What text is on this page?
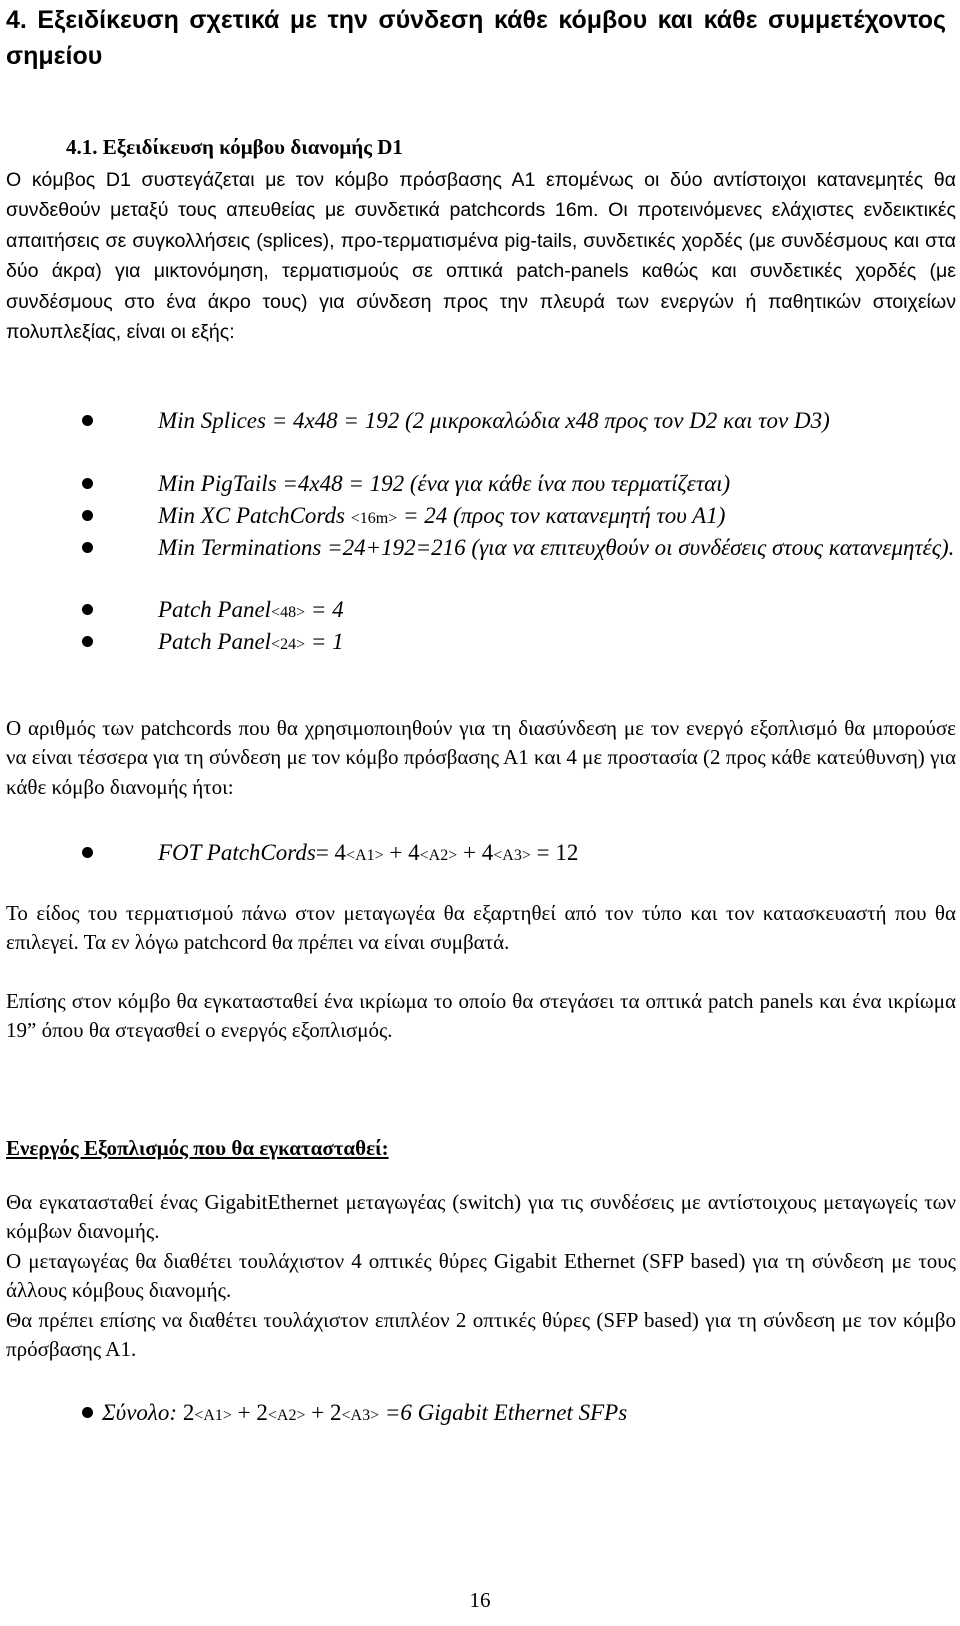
4. Εξειδίκευση σχετικά με την σύνδεση κάθε κόμβου και κάθε συμμετέχοντος σημείου
4.1. Εξειδίκευση κόμβου διανομής D1

Ο κόμβος D1 συστεγάζεται με τον κόμβο πρόσβασης Α1 επομένως οι δύο αντίστοιχοι κατανεμητές θα συνδεθούν μεταξύ τους απευθείας με συνδετικά patchcords 16m. Οι προτεινόμενες ελάχιστες ενδεικτικές απαιτήσεις σε συγκολλήσεις (splices), προ-τερματισμένα pig-tails, συνδετικές χορδές (με συνδέσμους και στα δύο άκρα) για μικτονόμηση, τερματισμούς σε οπτικά patch-panels καθώς και συνδετικές χορδές (με συνδέσμους στο ένα άκρο τους) για σύνδεση προς την πλευρά των ενεργών ή παθητικών στοιχείων πολυπλεξίας, είναι οι εξής:

Min Splices = 4x48 = 192 (2 μικροκαλώδια x48 προς τον D2 και τον D3)

Min PigTails =4x48 = 192 (ένα για κάθε ίνα που τερματίζεται)

Min XC PatchCords <16m> = 24 (προς τον κατανεμητή του Α1)

Min Terminations =24+192=216 (για να επιτευχθούν οι συνδέσεις στους κατανεμητές).

Patch Panel<48> = 4

Patch Panel<24> = 1

Ο αριθμός των patchcords που θα χρησιμοποιηθούν για τη διασύνδεση με τον ενεργό εξοπλισμό θα μπορούσε να είναι τέσσερα για τη σύνδεση με τον κόμβο πρόσβασης Α1 και 4 με προστασία (2 προς κάθε κατεύθυνση) για κάθε κόμβο διανομής ήτοι:

FOT PatchCords= 4<A1> + 4<A2> + 4<A3> = 12

Το είδος του τερματισμού πάνω στον μεταγωγέα θα εξαρτηθεί από τον τύπο και τον κατασκευαστή που θα επιλεγεί. Τα εν λόγω patchcord θα πρέπει να είναι συμβατά.

Επίσης στον κόμβο θα εγκατασταθεί ένα ικρίωμα το οποίο θα στεγάσει τα οπτικά patch panels και ένα ικρίωμα 19” όπου θα στεγασθεί ο ενεργός εξοπλισμός.

Ενεργός Εξοπλισμός που θα εγκατασταθεί:

Θα εγκατασταθεί ένας GigabitEthernet μεταγωγέας (switch) για τις συνδέσεις με αντίστοιχους μεταγωγείς των κόμβων διανομής.

Ο μεταγωγέας θα διαθέτει τουλάχιστον 4 οπτικές θύρες Gigabit Ethernet (SFP based) για τη σύνδεση με τους άλλους κόμβους διανομής.

Θα πρέπει επίσης να διαθέτει τουλάχιστον επιπλέον 2 οπτικές θύρες (SFP based) για τη σύνδεση με τον κόμβο πρόσβασης Α1.

Σύνολο: 2<A1> + 2<A2> + 2<A3> =6 Gigabit Ethernet SFPs

16
